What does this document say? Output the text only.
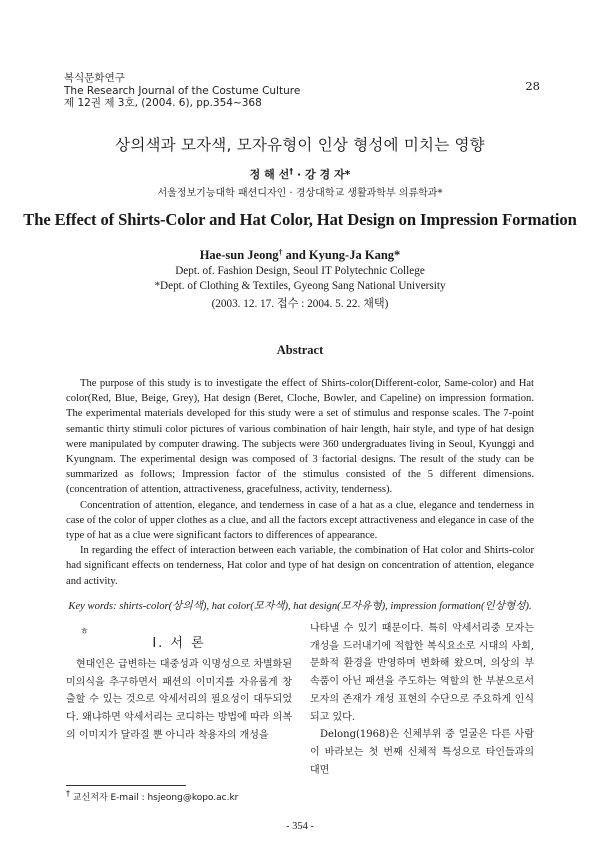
복식문화연구
The Research Journal of the Costume Culture
제 12권 제 3호, (2004. 6), pp.354~368
28
상의색과 모자색, 모자유형이 인상 형성에 미치는 영향
정 해 선† · 강 경 자*
서울정보기능대학 패션디자인 · 경상대학교 생활과학부 의류학과*
The Effect of Shirts-Color and Hat Color, Hat Design on Impression Formation
Hae-sun Jeong† and Kyung-Ja Kang*
Dept. of. Fashion Design, Seoul IT Polytechnic College
*Dept. of Clothing & Textiles, Gyeong Sang National University
(2003. 12. 17. 접수 : 2004. 5. 22. 채택)
Abstract

The purpose of this study is to investigate the effect of Shirts-color(Different-color, Same-color) and Hat color(Red, Blue, Beige, Grey), Hat design (Beret, Cloche, Bowler, and Capeline) on impression formation. The experimental materials developed for this study were a set of stimulus and response scales. The 7-point semantic thirty stimuli color pictures of various combination of hair length, hair style, and type of hat design were manipulated by computer drawing. The subjects were 360 undergraduates living in Seoul, Kyunggi and Kyungnam. The experimental design was composed of 3 factorial designs. The result of the study can be summarized as follows; Impression factor of the stimulus consisted of the 5 different dimensions.(concentration of attention, attractiveness, gracefulness, activity, tenderness).

Concentration of attention, elegance, and tenderness in case of a hat as a clue, elegance and tenderness in case of the color of upper clothes as a clue, and all the factors except attractiveness and elegance in case of the type of hat as a clue were significant factors to differences of appearance.

In regarding the effect of interaction between each variable, the combination of Hat color and Shirts-color had significant effects on tenderness, Hat color and type of hat design on concentration of attention, elegance and activity.

Key words: shirts-color(상의색), hat color(모자색), hat design(모자유형), impression formation(인상형성).
ㅎ
I. 서 론

현대인은 급변하는 대중성과 익명성으로 차별화된 미의식을 추구하면서 패션의 이미지를 자유롭게 창출할 수 있는 것으로 악세서리의 필요성이 대두되었다. 왜냐하면 악세서리는 코디하는 방법에 따라 의복의 이미지가 달라질 뿐 아니라 착용자의 개성을

나타낼 수 있기 때문이다. 특히 악세서리중 모자는 개성을 드러내기에 적합한 복식요소로 시대의 사회, 문화적 환경을 반영하며 변화해 왔으며, 의상의 부속품이 아닌 패션을 주도하는 역할의 한 부분으로서 모자의 존재가 개성 표현의 수단으로 주요하게 인식되고 있다.

Delong(1968)은 신체부위 중 얼굴은 다른 사람이 바라보는 첫 번째 신체적 특성으로 타인들과의 대면

† 교신저자 E-mail : hsjeong@kopo.ac.kr
- 354 -
